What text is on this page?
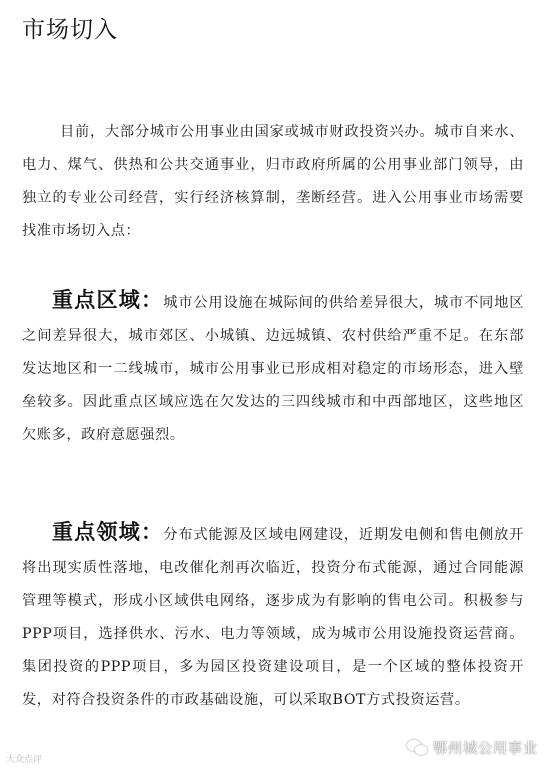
市场切入
目前，大部分城市公用事业由国家或城市财政投资兴办。城市自来水、电力、煤气、供热和公共交通事业，归市政府所属的公用事业部门领导，由独立的专业公司经营，实行经济核算制，垄断经营。进入公用事业市场需要找准市场切入点：
重点区域：城市公用设施在城际间的供给差异很大，城市不同地区之间差异很大，城市郊区、小城镇、边远城镇、农村供给严重不足。在东部发达地区和一二线城市，城市公用事业已形成相对稳定的市场形态，进入壁垒较多。因此重点区域应选在欠发达的三四线城市和中西部地区，这些地区欠账多，政府意愿强烈。
重点领域：分布式能源及区域电网建设，近期发电侧和售电侧放开将出现实质性落地，电改催化剂再次临近，投资分布式能源，通过合同能源管理等模式，形成小区域供电网络，逐步成为有影响的售电公司。积极参与PPP项目，选择供水、污水、电力等领域，成为城市公用设施投资运营商。集团投资的PPP项目，多为园区投资建设项目，是一个区域的整体投资开发，对符合投资条件的市政基础设施，可以采取BOT方式投资运营。
大众点评
鄂州城公用事业
